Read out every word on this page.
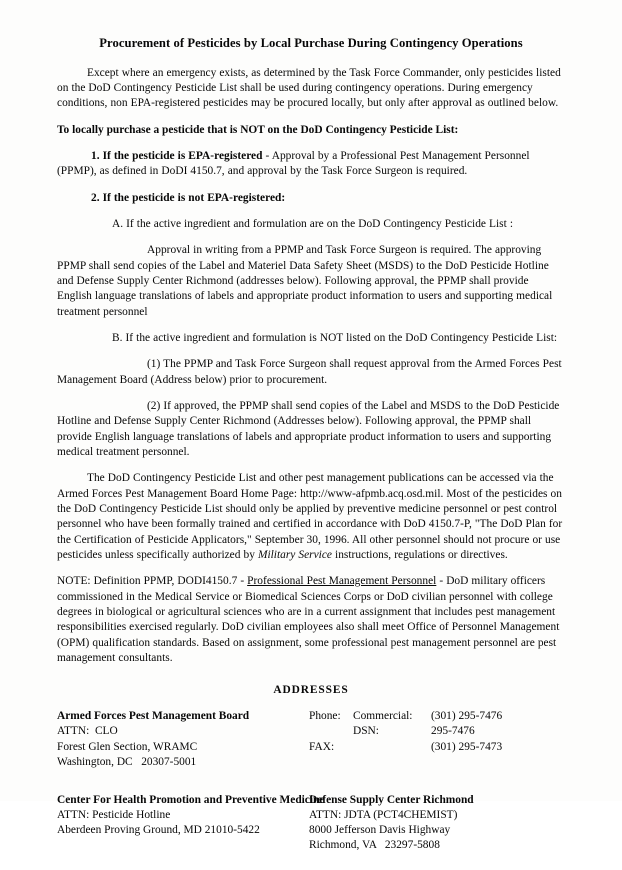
Procurement of Pesticides by Local Purchase During Contingency Operations

Except where an emergency exists, as determined by the Task Force Commander, only pesticides listed on the DoD Contingency Pesticide List shall be used during contingency operations. During emergency conditions, non EPA-registered pesticides may be procured locally, but only after approval as outlined below.

To locally purchase a pesticide that is NOT on the DoD Contingency Pesticide List:

1. If the pesticide is EPA-registered - Approval by a Professional Pest Management Personnel (PPMP), as defined in DoDI 4150.7, and approval by the Task Force Surgeon is required.

2. If the pesticide is not EPA-registered:

A. If the active ingredient and formulation are on the DoD Contingency Pesticide List :

Approval in writing from a PPMP and Task Force Surgeon is required. The approving PPMP shall send copies of the Label and Materiel Data Safety Sheet (MSDS) to the DoD Pesticide Hotline and Defense Supply Center Richmond (addresses below). Following approval, the PPMP shall provide English language translations of labels and appropriate product information to users and supporting medical treatment personnel

B. If the active ingredient and formulation is NOT listed on the DoD Contingency Pesticide List:

(1) The PPMP and Task Force Surgeon shall request approval from the Armed Forces Pest Management Board (Address below) prior to procurement.

(2) If approved, the PPMP shall send copies of the Label and MSDS to the DoD Pesticide Hotline and Defense Supply Center Richmond (Addresses below). Following approval, the PPMP shall provide English language translations of labels and appropriate product information to users and supporting medical treatment personnel.

The DoD Contingency Pesticide List and other pest management publications can be accessed via the Armed Forces Pest Management Board Home Page: http://www-afpmb.acq.osd.mil. Most of the pesticides on the DoD Contingency Pesticide List should only be applied by preventive medicine personnel or pest control personnel who have been formally trained and certified in accordance with DoD 4150.7-P, "The DoD Plan for the Certification of Pesticide Applicators," September 30, 1996. All other personnel should not procure or use pesticides unless specifically authorized by Military Service instructions, regulations or directives.

NOTE: Definition PPMP, DODI4150.7 - Professional Pest Management Personnel - DoD military officers commissioned in the Medical Service or Biomedical Sciences Corps or DoD civilian personnel with college degrees in biological or agricultural sciences who are in a current assignment that includes pest management responsibilities exercised regularly. DoD civilian employees also shall meet Office of Personnel Management (OPM) qualification standards. Based on assignment, some professional pest management personnel are pest management consultants.

ADDRESSES

Armed Forces Pest Management Board
ATTN:  CLO
Forest Glen Section, WRAMC
Washington, DC   20307-5001
Phone:	Commercial:	(301) 295-7476
DSN:	295-7476
FAX:	(301) 295-7473
Center For Health Promotion and Preventive Medicine
ATTN: Pesticide Hotline
Aberdeen Proving Ground, MD 21010-5422
Defense Supply Center Richmond
ATTN: JDTA (PCT4CHEMIST)
8000 Jefferson Davis Highway
Richmond, VA   23297-5808
